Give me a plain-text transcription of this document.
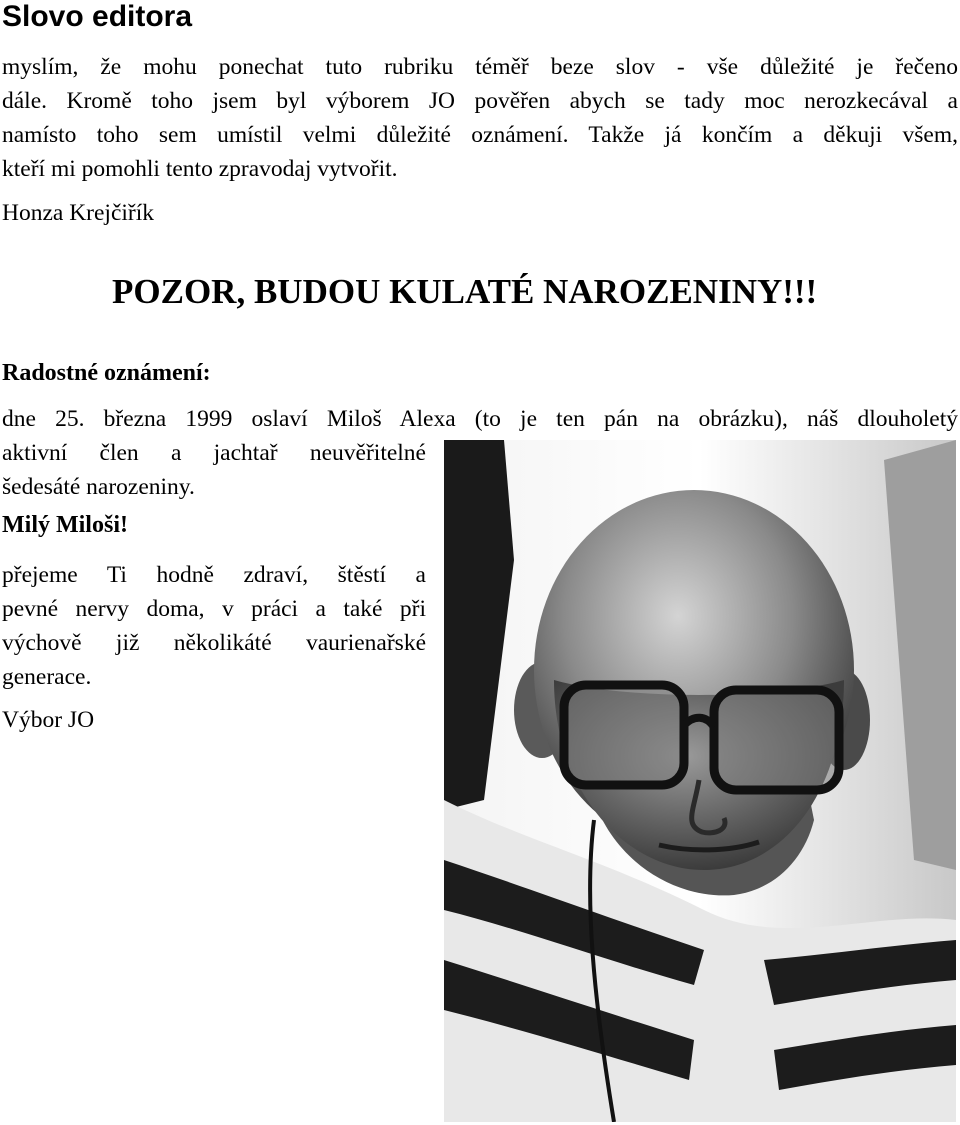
Slovo editora
myslím, že mohu ponechat tuto rubriku téměř beze slov - vše důležité je řečeno
dále. Kromě toho jsem byl výborem JO pověřen abych se tady moc nerozkecával a
namísto toho sem umístil velmi důležité oznámení. Takže já končím a děkuji všem,
kteří mi pomohli tento zpravodaj vytvořit.

Honza Krejčiřík

POZOR, BUDOU KULATÉ NAROZENINY!!!
Radostné oznámení:
dne 25. března 1999 oslaví Miloš Alexa (to je ten pán na obrázku), náš dlouholetý
aktivní člen a jachtař neuvěřitelné
šedesáté narozeniny.
Milý Miloši!
přejeme Ti hodně zdraví, štěstí a
pevné nervy doma, v práci a také při
výchově již několikáté vaurienařské
generace.

Výbor JO
